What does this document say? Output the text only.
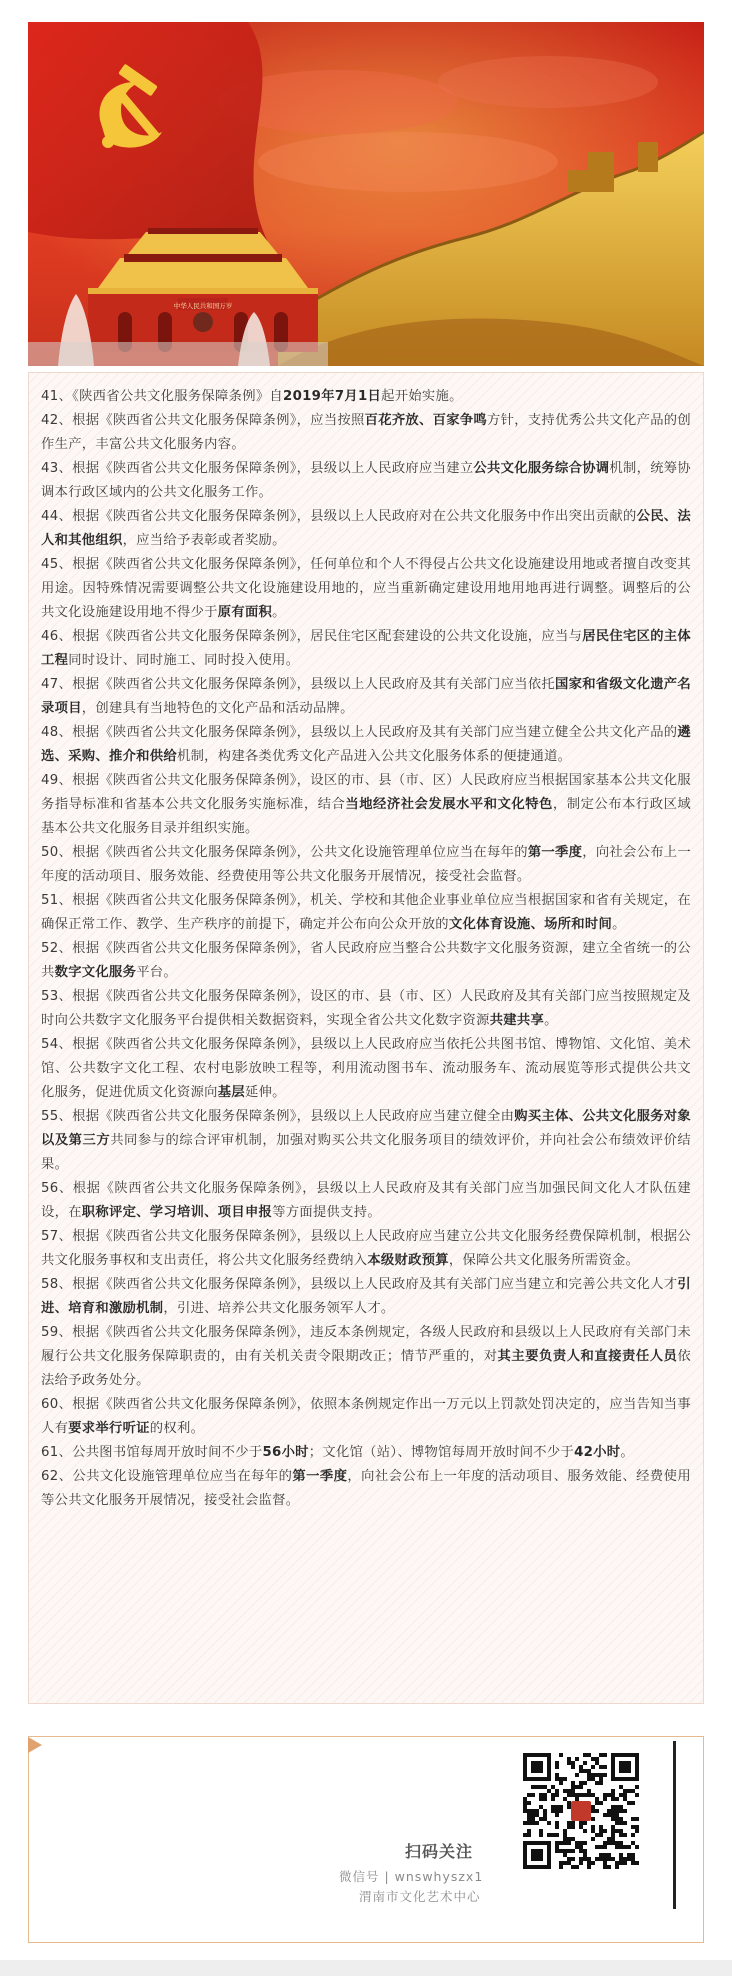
中华人民共和国万岁

41、《陕西省公共文化服务保障条例》自2019年7月1日起开始实施。

42、根据《陕西省公共文化服务保障条例》，应当按照百花齐放、百家争鸣方针，支持优秀公共文化产品的创作生产，丰富公共文化服务内容。

43、根据《陕西省公共文化服务保障条例》，县级以上人民政府应当建立公共文化服务综合协调机制，统筹协调本行政区域内的公共文化服务工作。

44、根据《陕西省公共文化服务保障条例》，县级以上人民政府对在公共文化服务中作出突出贡献的公民、法人和其他组织，应当给予表彰或者奖励。

45、根据《陕西省公共文化服务保障条例》，任何单位和个人不得侵占公共文化设施建设用地或者擅自改变其用途。因特殊情况需要调整公共文化设施建设用地的，应当重新确定建设用地用地再进行调整。调整后的公共文化设施建设用地不得少于原有面积。

46、根据《陕西省公共文化服务保障条例》，居民住宅区配套建设的公共文化设施，应当与居民住宅区的主体工程同时设计、同时施工、同时投入使用。

47、根据《陕西省公共文化服务保障条例》，县级以上人民政府及其有关部门应当依托国家和省级文化遗产名录项目，创建具有当地特色的文化产品和活动品牌。

48、根据《陕西省公共文化服务保障条例》，县级以上人民政府及其有关部门应当建立健全公共文化产品的遴选、采购、推介和供给机制，构建各类优秀文化产品进入公共文化服务体系的便捷通道。

49、根据《陕西省公共文化服务保障条例》，设区的市、县（市、区）人民政府应当根据国家基本公共文化服务指导标准和省基本公共文化服务实施标准，结合当地经济社会发展水平和文化特色，制定公布本行政区域基本公共文化服务目录并组织实施。

50、根据《陕西省公共文化服务保障条例》，公共文化设施管理单位应当在每年的第一季度，向社会公布上一年度的活动项目、服务效能、经费使用等公共文化服务开展情况，接受社会监督。

51、根据《陕西省公共文化服务保障条例》，机关、学校和其他企业事业单位应当根据国家和省有关规定，在确保正常工作、教学、生产秩序的前提下，确定并公布向公众开放的文化体育设施、场所和时间。

52、根据《陕西省公共文化服务保障条例》，省人民政府应当整合公共数字文化服务资源，建立全省统一的公共数字文化服务平台。

53、根据《陕西省公共文化服务保障条例》，设区的市、县（市、区）人民政府及其有关部门应当按照规定及时向公共数字文化服务平台提供相关数据资料，实现全省公共文化数字资源共建共享。

54、根据《陕西省公共文化服务保障条例》，县级以上人民政府应当依托公共图书馆、博物馆、文化馆、美术馆、公共数字文化工程、农村电影放映工程等，利用流动图书车、流动服务车、流动展览等形式提供公共文化服务，促进优质文化资源向基层延伸。

55、根据《陕西省公共文化服务保障条例》，县级以上人民政府应当建立健全由购买主体、公共文化服务对象以及第三方共同参与的综合评审机制，加强对购买公共文化服务项目的绩效评价，并向社会公布绩效评价结果。

56、根据《陕西省公共文化服务保障条例》，县级以上人民政府及其有关部门应当加强民间文化人才队伍建设，在职称评定、学习培训、项目申报等方面提供支持。

57、根据《陕西省公共文化服务保障条例》，县级以上人民政府应当建立公共文化服务经费保障机制，根据公共文化服务事权和支出责任，将公共文化服务经费纳入本级财政预算，保障公共文化服务所需资金。

58、根据《陕西省公共文化服务保障条例》，县级以上人民政府及其有关部门应当建立和完善公共文化人才引进、培育和激励机制，引进、培养公共文化服务领军人才。

59、根据《陕西省公共文化服务保障条例》，违反本条例规定，各级人民政府和县级以上人民政府有关部门未履行公共文化服务保障职责的，由有关机关责令限期改正；情节严重的，对其主要负责人和直接责任人员依法给予政务处分。

60、根据《陕西省公共文化服务保障条例》，依照本条例规定作出一万元以上罚款处罚决定的，应当告知当事人有要求举行听证的权利。

61、公共图书馆每周开放时间不少于56小时；文化馆（站）、博物馆每周开放时间不少于42小时。

62、公共文化设施管理单位应当在每年的第一季度，向社会公布上一年度的活动项目、服务效能、经费使用等公共文化服务开展情况，接受社会监督。

扫码关注
微信号 | wnswhyszx1
渭南市文化艺术中心
